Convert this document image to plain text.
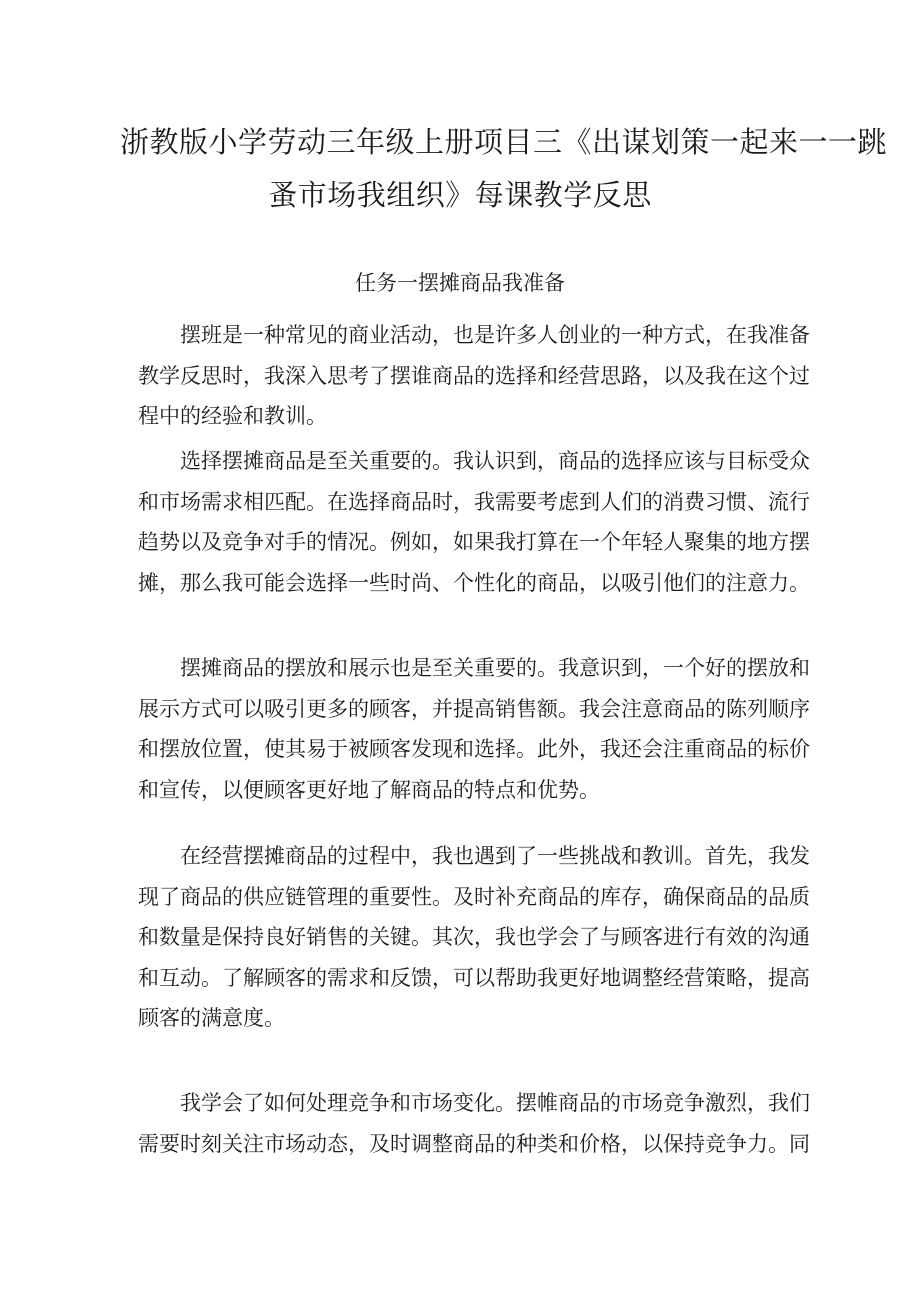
浙教版小学劳动三年级上册项目三《出谋划策一起来一一跳
蚤市场我组织》每课教学反思
任务一摆摊商品我准备
摆班是一种常见的商业活动，也是许多人创业的一种方式，在我准备
教学反思时，我深入思考了摆谁商品的选择和经营思路，以及我在这个过
程中的经验和教训。
选择摆摊商品是至关重要的。我认识到，商品的选择应该与目标受众
和市场需求相匹配。在选择商品时，我需要考虑到人们的消费习惯、流行
趋势以及竞争对手的情况。例如，如果我打算在一个年轻人聚集的地方摆
摊，那么我可能会选择一些时尚、个性化的商品，以吸引他们的注意力。
摆摊商品的摆放和展示也是至关重要的。我意识到，一个好的摆放和
展示方式可以吸引更多的顾客，并提高销售额。我会注意商品的陈列顺序
和摆放位置，使其易于被顾客发现和选择。此外，我还会注重商品的标价
和宣传，以便顾客更好地了解商品的特点和优势。
在经营摆摊商品的过程中，我也遇到了一些挑战和教训。首先，我发
现了商品的供应链管理的重要性。及时补充商品的库存，确保商品的品质
和数量是保持良好销售的关键。其次，我也学会了与顾客进行有效的沟通
和互动。了解顾客的需求和反馈，可以帮助我更好地调整经营策略，提高
顾客的满意度。
我学会了如何处理竞争和市场变化。摆帷商品的市场竞争激烈，我们
需要时刻关注市场动态，及时调整商品的种类和价格，以保持竞争力。同
